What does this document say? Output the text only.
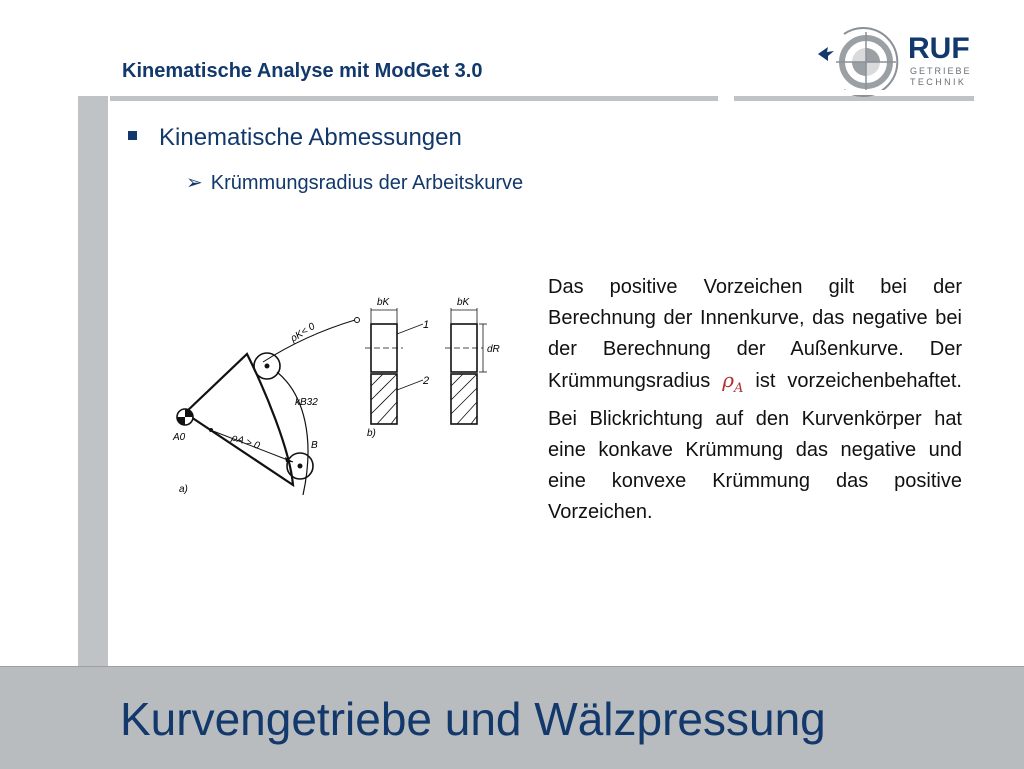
Kinematische Analyse mit ModGet 3.0
RUF
GETRIEBE
TECHNIK
Kinematische Abmessungen
➢ Krümmungsradius der Arbeitskurve
ρK< 0
ρA > 0
kB32
A0
B
a)
bK	bK
dR
1
2
b)
Das positive Vorzeichen gilt bei der Berechnung der Innenkurve, das negative bei der Berechnung der Außenkurve. Der Krümmungsradius $\rho_A$ ist vorzeichenbehaftet. Bei Blickrichtung auf den Kurvenkörper hat eine konkave Krümmung das negative und eine konvexe Krümmung das positive Vorzeichen.
Kurvengetriebe und Wälzpressung
